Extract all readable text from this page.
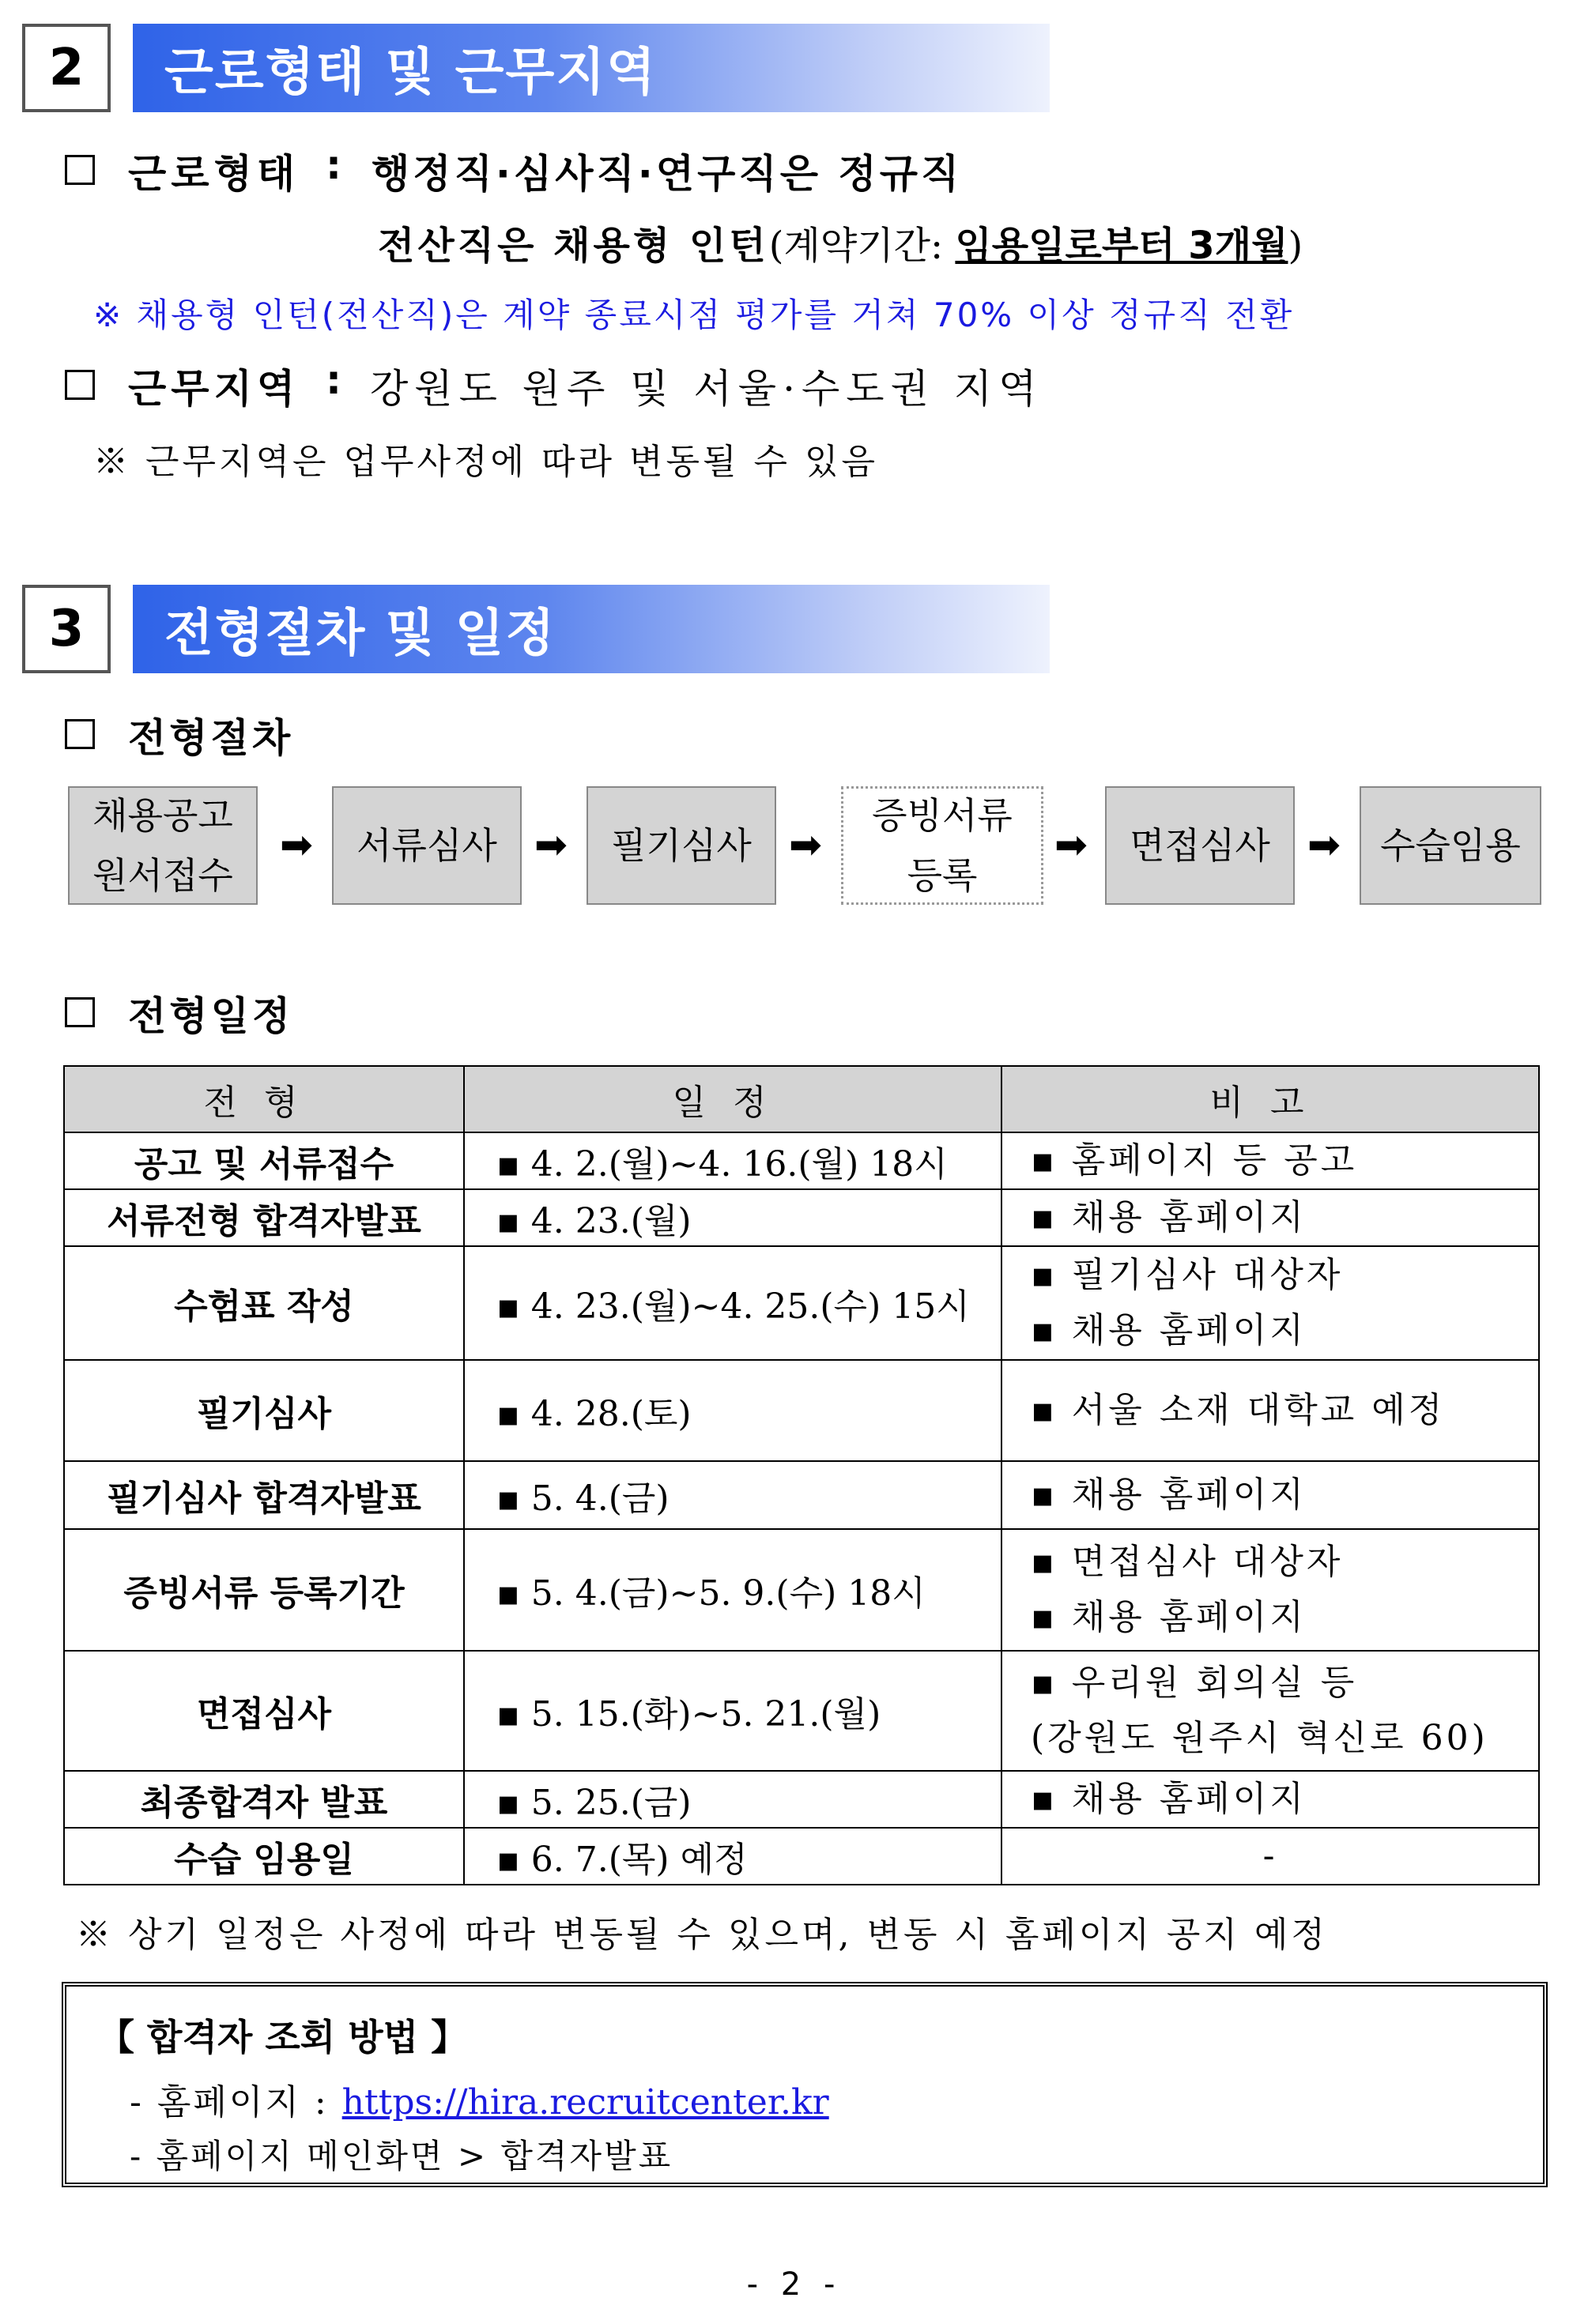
2	근로형태 및 근무지역
근로형태 : 행정직·심사직·연구직은 정규직
전산직은 채용형 인턴(계약기간: 임용일로부터 3개월)
※ 채용형 인턴(전산직)은 계약 종료시점 평가를 거쳐 70% 이상 정규직 전환
근무지역 : 강원도 원주 및 서울·수도권 지역
※ 근무지역은 업무사정에 따라 변동될 수 있음
3	전형절차 및 일정
전형절차
채용공고
원서접수
➡	서류심사 ➡	필기심사 ➡
증빙서류
등록
➡	면접심사 ➡	수습임용
전형일정
전형	일정	비고
공고 및 서류접수	▪ 4. 2.(월)~4. 16.(월) 18시	▪ 홈페이지 등 공고

서류전형 합격자발표	▪ 4. 23.(월)	▪ 채용 홈페이지

수험표 작성	▪ 4. 23.(월)~4. 25.(수) 15시	▪ 필기심사 대상자
▪ 채용 홈페이지

필기심사	▪ 4. 28.(토)	▪ 서울 소재 대학교 예정

필기심사 합격자발표	▪ 5. 4.(금)	▪ 채용 홈페이지

증빙서류 등록기간	▪ 5. 4.(금)~5. 9.(수) 18시	▪ 면접심사 대상자
▪ 채용 홈페이지

면접심사	▪ 5. 15.(화)~5. 21.(월)	▪ 우리원 회의실 등
(강원도 원주시 혁신로 60)

최종합격자 발표	▪ 5. 25.(금)	▪ 채용 홈페이지

수습 임용일	▪ 6. 7.(목) 예정	-
※ 상기 일정은 사정에 따라 변동될 수 있으며, 변동 시 홈페이지 공지 예정
【 합격자 조회 방법 】
- 홈페이지 : https://hira.recruitcenter.kr
- 홈페이지 메인화면 > 합격자발표
- 2 -
